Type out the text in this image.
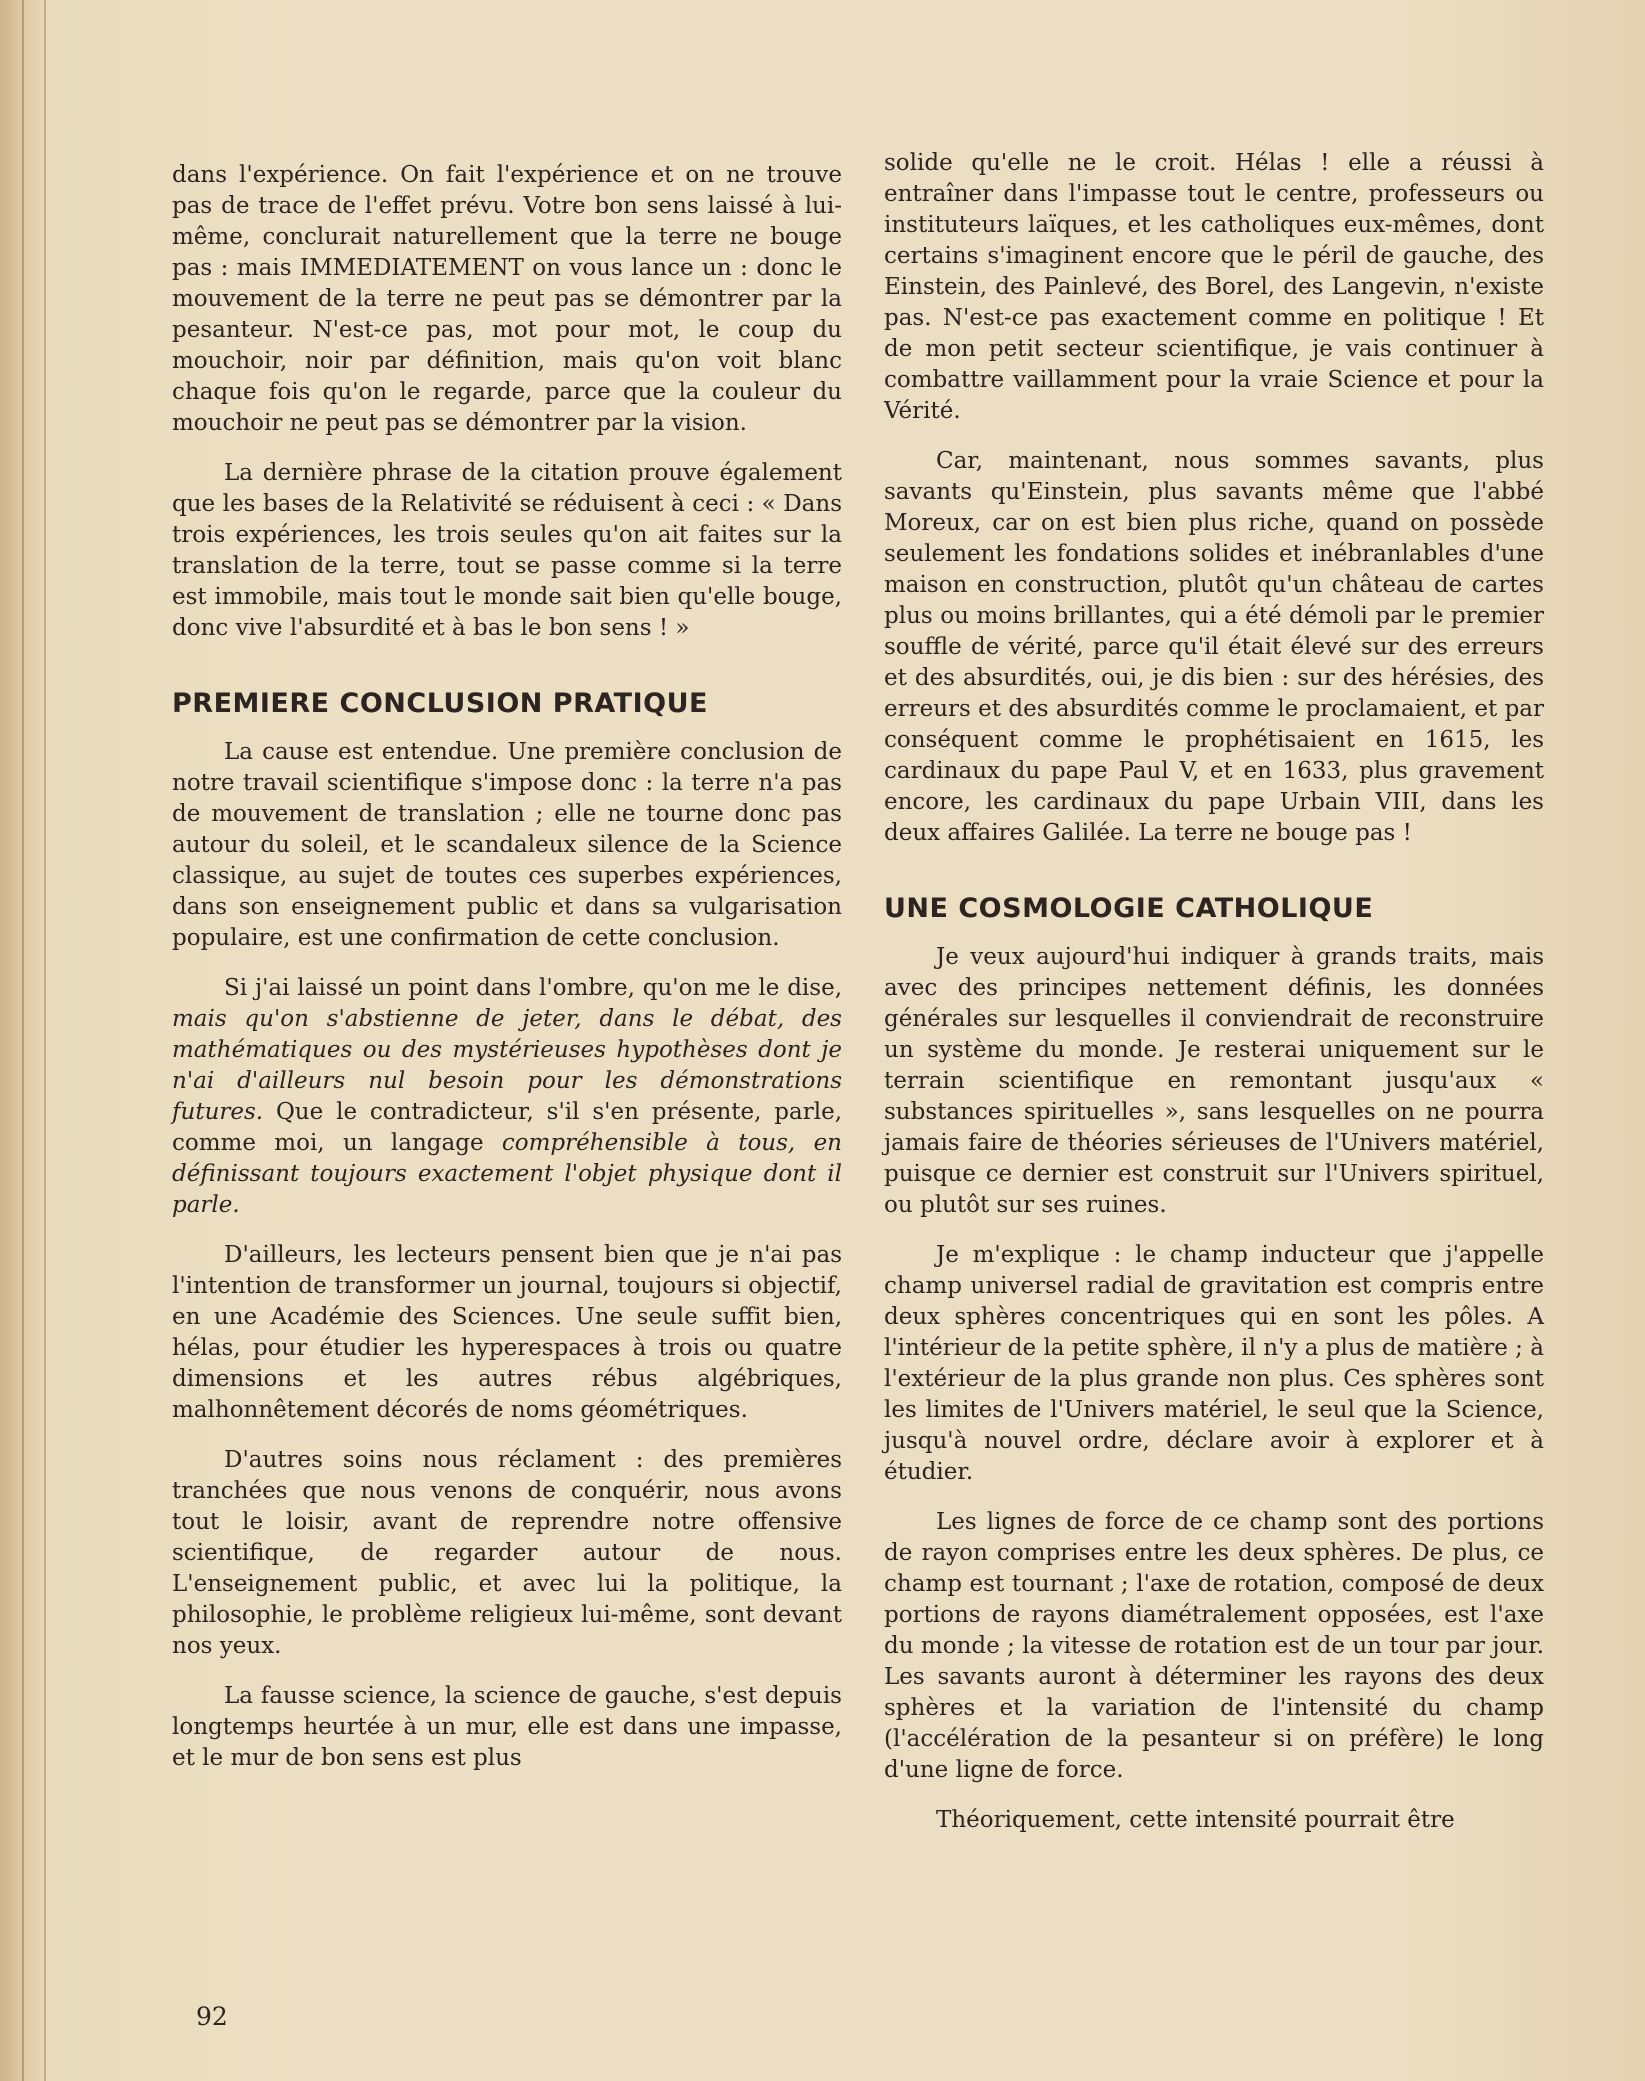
dans l'expérience. On fait l'expérience et on ne trouve pas de trace de l'effet prévu. Votre bon sens laissé à lui-même, conclurait naturellement que la terre ne bouge pas : mais IMMEDIATEMENT on vous lance un : donc le mouvement de la terre ne peut pas se démontrer par la pesanteur. N'est-ce pas, mot pour mot, le coup du mouchoir, noir par définition, mais qu'on voit blanc chaque fois qu'on le regarde, parce que la couleur du mouchoir ne peut pas se démontrer par la vision.

La dernière phrase de la citation prouve également que les bases de la Relativité se réduisent à ceci : « Dans trois expériences, les trois seules qu'on ait faites sur la translation de la terre, tout se passe comme si la terre est immobile, mais tout le monde sait bien qu'elle bouge, donc vive l'absurdité et à bas le bon sens ! »

PREMIERE CONCLUSION PRATIQUE

La cause est entendue. Une première conclusion de notre travail scientifique s'impose donc : la terre n'a pas de mouvement de translation ; elle ne tourne donc pas autour du soleil, et le scandaleux silence de la Science classique, au sujet de toutes ces superbes expériences, dans son enseignement public et dans sa vulgarisation populaire, est une confirmation de cette conclusion.

Si j'ai laissé un point dans l'ombre, qu'on me le dise, mais qu'on s'abstienne de jeter, dans le débat, des mathématiques ou des mystérieuses hypothèses dont je n'ai d'ailleurs nul besoin pour les démonstrations futures. Que le contradicteur, s'il s'en présente, parle, comme moi, un langage compréhensible à tous, en définissant toujours exactement l'objet physique dont il parle.

D'ailleurs, les lecteurs pensent bien que je n'ai pas l'intention de transformer un journal, toujours si objectif, en une Académie des Sciences. Une seule suffit bien, hélas, pour étudier les hyperespaces à trois ou quatre dimensions et les autres rébus algébriques, malhonnêtement décorés de noms géométriques.

D'autres soins nous réclament : des premières tranchées que nous venons de conquérir, nous avons tout le loisir, avant de reprendre notre offensive scientifique, de regarder autour de nous. L'enseignement public, et avec lui la politique, la philosophie, le problème religieux lui-même, sont devant nos yeux.

La fausse science, la science de gauche, s'est depuis longtemps heurtée à un mur, elle est dans une impasse, et le mur de bon sens est plus

solide qu'elle ne le croit. Hélas ! elle a réussi à entraîner dans l'impasse tout le centre, professeurs ou instituteurs laïques, et les catholiques eux-mêmes, dont certains s'imaginent encore que le péril de gauche, des Einstein, des Painlevé, des Borel, des Langevin, n'existe pas. N'est-ce pas exactement comme en politique ! Et de mon petit secteur scientifique, je vais continuer à combattre vaillamment pour la vraie Science et pour la Vérité.

Car, maintenant, nous sommes savants, plus savants qu'Einstein, plus savants même que l'abbé Moreux, car on est bien plus riche, quand on possède seulement les fondations solides et inébranlables d'une maison en construction, plutôt qu'un château de cartes plus ou moins brillantes, qui a été démoli par le premier souffle de vérité, parce qu'il était élevé sur des erreurs et des absurdités, oui, je dis bien : sur des hérésies, des erreurs et des absurdités comme le proclamaient, et par conséquent comme le prophétisaient en 1615, les cardinaux du pape Paul V, et en 1633, plus gravement encore, les cardinaux du pape Urbain VIII, dans les deux affaires Galilée. La terre ne bouge pas !

UNE COSMOLOGIE CATHOLIQUE

Je veux aujourd'hui indiquer à grands traits, mais avec des principes nettement définis, les données générales sur lesquelles il conviendrait de reconstruire un système du monde. Je resterai uniquement sur le terrain scientifique en remontant jusqu'aux « substances spirituelles », sans lesquelles on ne pourra jamais faire de théories sérieuses de l'Univers matériel, puisque ce dernier est construit sur l'Univers spirituel, ou plutôt sur ses ruines.

Je m'explique : le champ inducteur que j'appelle champ universel radial de gravitation est compris entre deux sphères concentriques qui en sont les pôles. A l'intérieur de la petite sphère, il n'y a plus de matière ; à l'extérieur de la plus grande non plus. Ces sphères sont les limites de l'Univers matériel, le seul que la Science, jusqu'à nouvel ordre, déclare avoir à explorer et à étudier.

Les lignes de force de ce champ sont des portions de rayon comprises entre les deux sphères. De plus, ce champ est tournant ; l'axe de rotation, composé de deux portions de rayons diamétralement opposées, est l'axe du monde ; la vitesse de rotation est de un tour par jour. Les savants auront à déterminer les rayons des deux sphères et la variation de l'intensité du champ (l'accélération de la pesanteur si on préfère) le long d'une ligne de force.

Théoriquement, cette intensité pourrait être

92
